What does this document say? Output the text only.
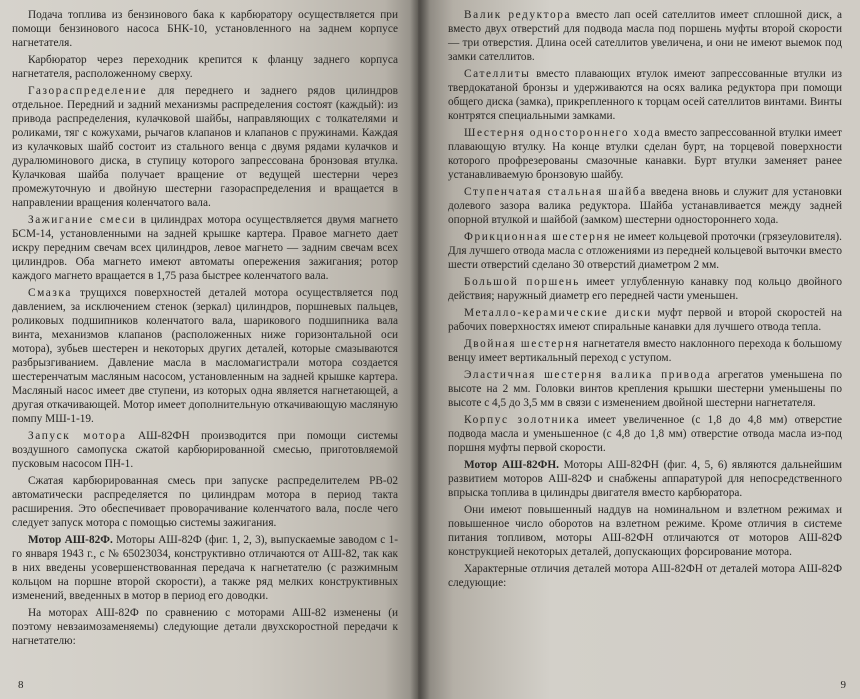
Подача топлива из бензинового бака к карбюратору осуществляется при помощи бензинового насоса БНК-10, установленного на заднем корпусе нагнетателя.

Карбюратор через переходник крепится к фланцу заднего корпуса нагнетателя, расположенному сверху.

Газораспределение для переднего и заднего рядов цилиндров отдельное. Передний и задний механизмы распределения состоят (каждый): из привода распределения, кулачковой шайбы, направляющих с толкателями и роликами, тяг с кожухами, рычагов клапанов и клапанов с пружинами. Каждая из кулачковых шайб состоит из стального венца с двумя рядами кулачков и дуралюминового диска, в ступицу которого запрессована бронзовая втулка. Кулачковая шайба получает вращение от ведущей шестерни через промежуточную и двойную шестерни газораспределения и вращается в направлении вращения коленчатого вала.

Зажигание смеси в цилиндрах мотора осуществляется двумя магнето БСМ-14, установленными на задней крышке картера. Правое магнето дает искру передним свечам всех цилиндров, левое магнето — задним свечам всех цилиндров. Оба магнето имеют автоматы опережения зажигания; ротор каждого магнето вращается в 1,75 раза быстрее коленчатого вала.

Смазка трущихся поверхностей деталей мотора осуществляется под давлением, за исключением стенок (зеркал) цилиндров, поршневых пальцев, роликовых подшипников коленчатого вала, шарикового подшипника вала винта, механизмов клапанов (расположенных ниже горизонтальной оси мотора), зубьев шестерен и некоторых других деталей, которые смазываются разбрызгиванием. Давление масла в масломагистрали мотора создается шестеренчатым масляным насосом, установленным на задней крышке картера. Масляный насос имеет две ступени, из которых одна является нагнетающей, а другая откачивающей. Мотор имеет дополнительную откачивающую масляную помпу МШ-1-19.

Запуск мотора АШ-82ФН производится при помощи системы воздушного самопуска сжатой карбюрированной смесью, приготовляемой пусковым насосом ПН-1.

Сжатая карбюрированная смесь при запуске распределителем РВ-02 автоматически распределяется по цилиндрам мотора в период такта расширения. Это обеспечивает проворачивание коленчатого вала, после чего следует запуск мотора с помощью системы зажигания.

Мотор АШ-82Ф. Моторы АШ-82Ф (фиг. 1, 2, 3), выпускаемые заводом с 1-го января 1943 г., с № 65023034, конструктивно отличаются от АШ-82, так как в них введены усовершенствованная передача к нагнетателю (с разжимным кольцом на поршне второй скорости), а также ряд мелких конструктивных изменений, введенных в мотор в период его доводки.

На моторах АШ-82Ф по сравнению с моторами АШ-82 изменены (и поэтому невзаимозаменяемы) следующие детали двухскоростной передачи к нагнетателю:

8

Валик редуктора вместо лап осей сателлитов имеет сплошной диск, а вместо двух отверстий для подвода масла под поршень муфты второй скорости — три отверстия. Длина осей сателлитов увеличена, и они не имеют выемок под замки сателлитов.

Сателлиты вместо плавающих втулок имеют запрессованные втулки из твердокатаной бронзы и удерживаются на осях валика редуктора при помощи общего диска (замка), прикрепленного к торцам осей сателлитов винтами. Винты контрятся специальными замками.

Шестерня одностороннего хода вместо запрессованной втулки имеет плавающую втулку. На конце втулки сделан бурт, на торцевой поверхности которого профрезерованы смазочные канавки. Бурт втулки заменяет ранее устанавливаемую бронзовую шайбу.

Ступенчатая стальная шайба введена вновь и служит для установки долевого зазора валика редуктора. Шайба устанавливается между задней опорной втулкой и шайбой (замком) шестерни одностороннего хода.

Фрикционная шестерня не имеет кольцевой проточки (грязеуловителя). Для лучшего отвода масла с отложениями из передней кольцевой выточки вместо шести отверстий сделано 30 отверстий диаметром 2 мм.

Большой поршень имеет углубленную канавку под кольцо двойного действия; наружный диаметр его передней части уменьшен.

Металло-керамические диски муфт первой и второй скоростей на рабочих поверхностях имеют спиральные канавки для лучшего отвода тепла.

Двойная шестерня нагнетателя вместо наклонного перехода к большому венцу имеет вертикальный переход с уступом.

Эластичная шестерня валика привода агрегатов уменьшена по высоте на 2 мм. Головки винтов крепления крышки шестерни уменьшены по высоте с 4,5 до 3,5 мм в связи с изменением двойной шестерни нагнетателя.

Корпус золотника имеет увеличенное (с 1,8 до 4,8 мм) отверстие подвода масла и уменьшенное (с 4,8 до 1,8 мм) отверстие отвода масла из-под поршня муфты первой скорости.

Мотор АШ-82ФН. Моторы АШ-82ФН (фиг. 4, 5, 6) являются дальнейшим развитием моторов АШ-82Ф и снабжены аппаратурой для непосредственного впрыска топлива в цилиндры двигателя вместо карбюратора.

Они имеют повышенный наддув на номинальном и взлетном режимах и повышенное число оборотов на взлетном режиме. Кроме отличия в системе питания топливом, моторы АШ-82ФН отличаются от моторов АШ-82Ф конструкцией некоторых деталей, допускающих форсирование мотора.

Характерные отличия деталей мотора АШ-82ФН от деталей мотора АШ-82Ф следующие:

9
